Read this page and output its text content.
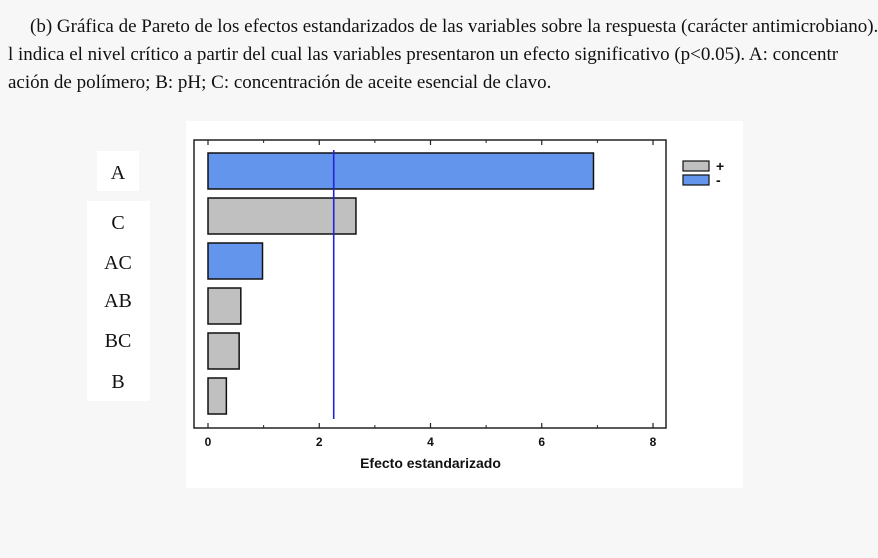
(b) Gráfica de Pareto de los efectos estandarizados de las variables sobre la respuesta (carácter antimicrobiano).
l indica el nivel crítico a partir del cual las variables presentaron un efecto significativo (p<0.05). A: concentr
ación de polímero; B: pH; C: concentración de aceite esencial de clavo.
A
C
AC
AB
BC
B
0	2	4	6	8
Efecto estandarizado
+
-
